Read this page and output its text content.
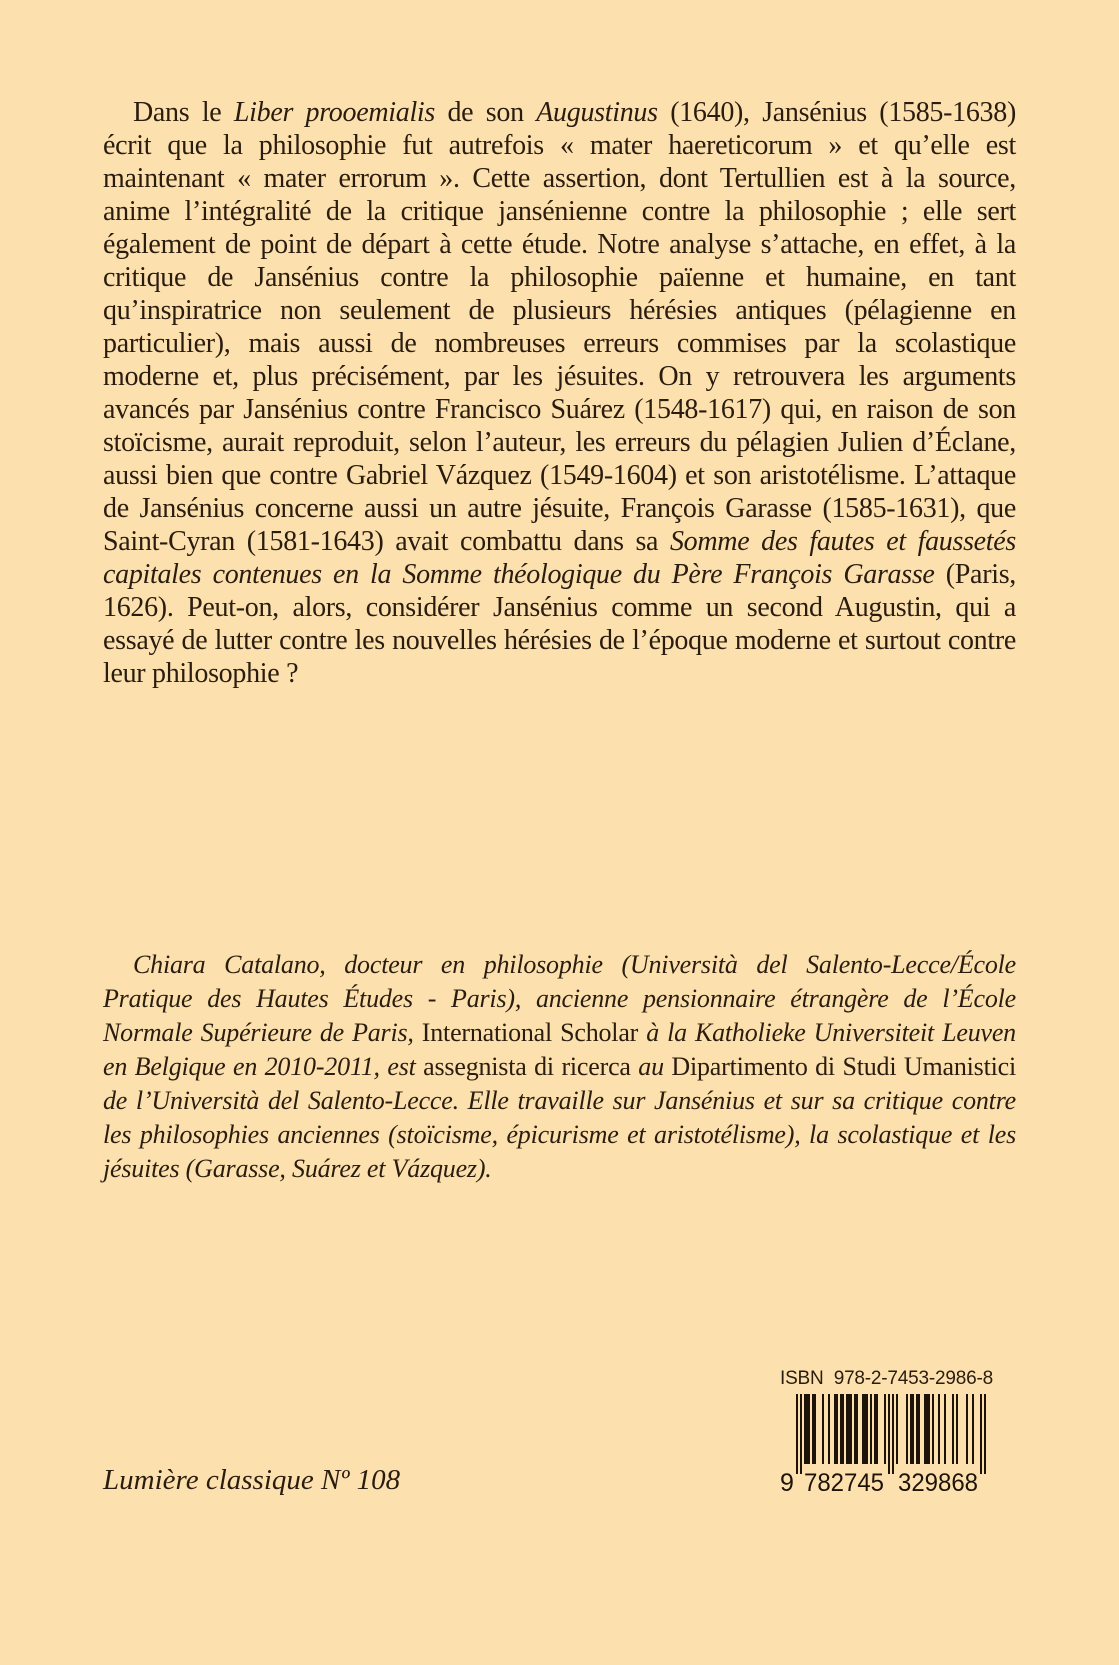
Dans le Liber prooemialis de son Augustinus (1640), Jansénius (1585-1638) écrit que la philosophie fut autrefois « mater haereticorum » et qu’elle est maintenant « mater errorum ». Cette assertion, dont Tertullien est à la source, anime l’intégralité de la critique jansénienne contre la philosophie ; elle sert également de point de départ à cette étude. Notre analyse s’attache, en effet, à la critique de Jansénius contre la philosophie païenne et humaine, en tant qu’inspiratrice non seulement de plusieurs hérésies antiques (pélagienne en particulier), mais aussi de nombreuses erreurs commises par la scolastique moderne et, plus précisément, par les jésuites. On y retrouvera les arguments avancés par Jansénius contre Francisco Suárez (1548-1617) qui, en raison de son stoïcisme, aurait reproduit, selon l’auteur, les erreurs du pélagien Julien d’Éclane, aussi bien que contre Gabriel Vázquez (1549-1604) et son aristotélisme. L’attaque de Jansénius concerne aussi un autre jésuite, François Garasse (1585-1631), que Saint-Cyran (1581-1643) avait combattu dans sa Somme des fautes et faussetés capitales contenues en la Somme théologique du Père François Garasse (Paris, 1626). Peut-on, alors, considérer Jansénius comme un second Augustin, qui a essayé de lutter contre les nouvelles hérésies de l’époque moderne et surtout contre leur philosophie ?

Chiara Catalano, docteur en philosophie (Università del Salento-Lecce/École Pratique des Hautes Études - Paris), ancienne pensionnaire étrangère de l’École Normale Supérieure de Paris, International Scholar à la Katholieke Universiteit Leuven en Belgique en 2010-2011, est assegnista di ricerca au Dipartimento di Studi Umanistici de l’Università del Salento-Lecce. Elle travaille sur Jansénius et sur sa critique contre les philosophies anciennes (stoïcisme, épicurisme et aristotélisme), la scolastique et les jésuites (Garasse, Suárez et Vázquez).

Lumière classique Nº 108
ISBN  978-2-7453-2986-8
9 782745 329868
